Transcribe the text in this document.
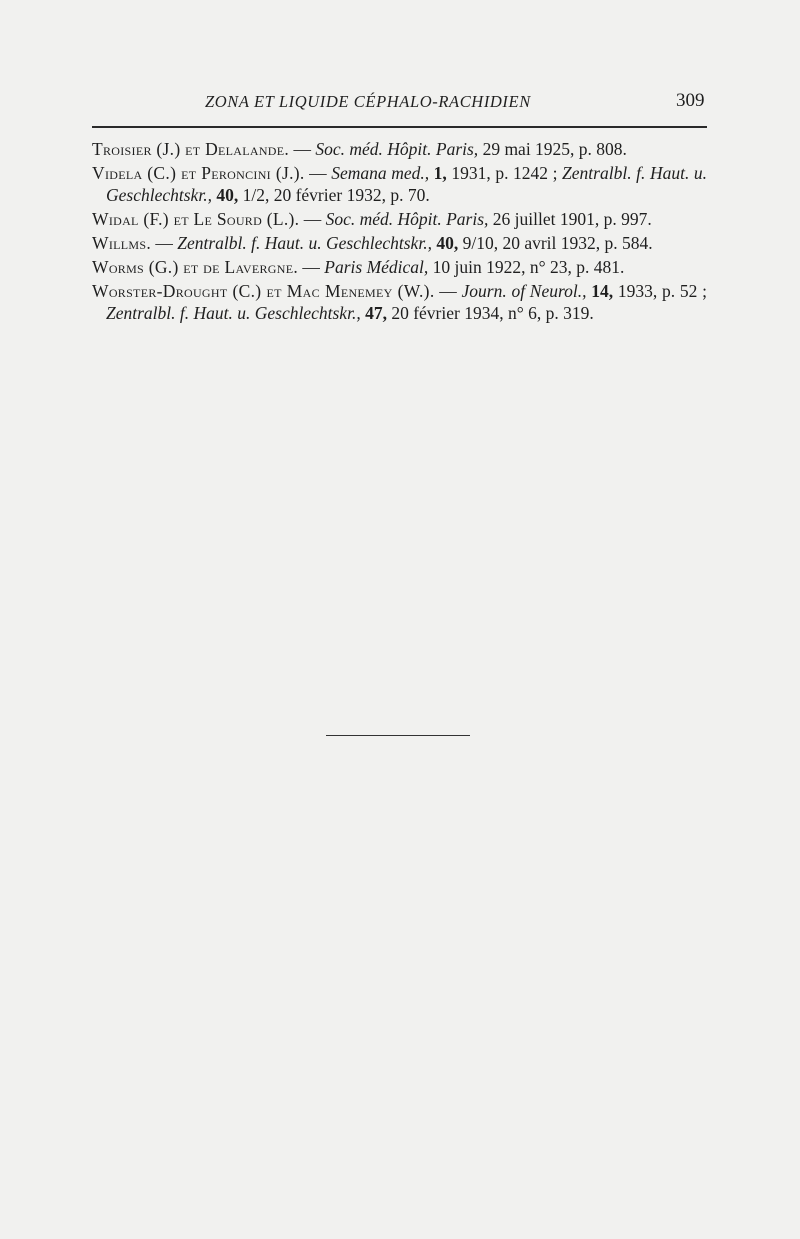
ZONA ET LIQUIDE CÉPHALO-RACHIDIEN	309

Troisier (J.) et Delalande. — Soc. méd. Hôpit. Paris, 29 mai 1925, p. 808.

Videla (C.) et Peroncini (J.). — Semana med., 1, 1931, p. 1242 ; Zentralbl. f. Haut. u. Geschlechtskr., 40, 1/2, 20 février 1932, p. 70.

Widal (F.) et Le Sourd (L.). — Soc. méd. Hôpit. Paris, 26 juillet 1901, p. 997.

Willms. — Zentralbl. f. Haut. u. Geschlechtskr., 40, 9/10, 20 avril 1932, p. 584.

Worms (G.) et de Lavergne. — Paris Médical, 10 juin 1922, n° 23, p. 481.

Worster-Drought (C.) et Mac Menemey (W.). — Journ. of Neurol., 14, 1933, p. 52 ; Zentralbl. f. Haut. u. Geschlechtskr., 47, 20 février 1934, n° 6, p. 319.
